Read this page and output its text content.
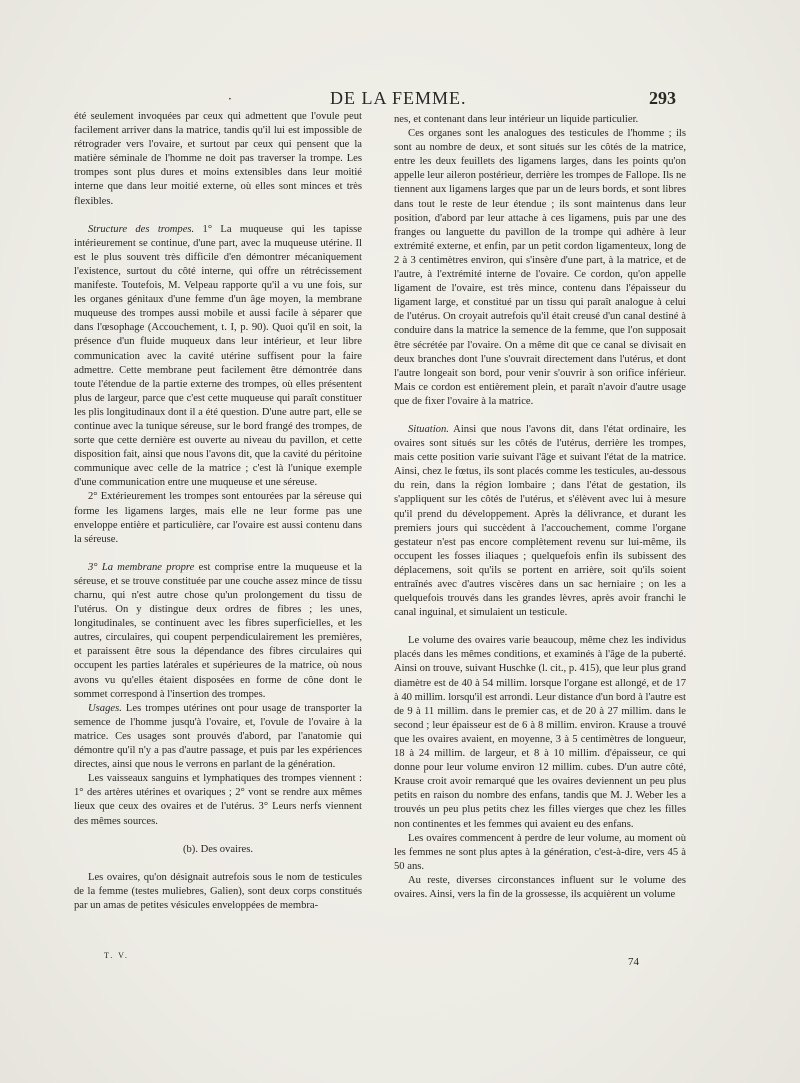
·	DE LA FEMME.	293

été seulement invoquées par ceux qui admettent que l'ovule peut facilement arriver dans la matrice, tandis qu'il lui est impossible de rétrograder vers l'ovaire, et surtout par ceux qui pensent que la matière séminale de l'homme ne doit pas traverser la trompe. Les trompes sont plus dures et moins extensibles dans leur moitié interne que dans leur moitié externe, où elles sont minces et très flexibles.

Structure des trompes. 1° La muqueuse qui les tapisse intérieurement se continue, d'une part, avec la muqueuse utérine. Il est le plus souvent très difficile d'en démontrer mécaniquement l'existence, surtout du côté interne, qui offre un rétrécissement manifeste. Toutefois, M. Velpeau rapporte qu'il a vu une fois, sur les organes génitaux d'une femme d'un âge moyen, la membrane muqueuse des trompes aussi mobile et aussi facile à séparer que dans l'œsophage (Accouchement, t. I, p. 90). Quoi qu'il en soit, la présence d'un fluide muqueux dans leur intérieur, et leur libre communication avec la cavité utérine suffisent pour la faire admettre. Cette membrane peut facilement être démontrée dans toute l'étendue de la partie externe des trompes, où elles présentent plus de largeur, parce que c'est cette muqueuse qui paraît constituer les plis longitudinaux dont il a été question. D'une autre part, elle se continue avec la tunique séreuse, sur le bord frangé des trompes, de sorte que cette dernière est ouverte au niveau du pavillon, et cette disposition fait, ainsi que nous l'avons dit, que la cavité du péritoine communique avec celle de la matrice ; c'est là l'unique exemple d'une communication entre une muqueuse et une séreuse.

2° Extérieurement les trompes sont entourées par la séreuse qui forme les ligamens larges, mais elle ne leur forme pas une enveloppe entière et particulière, car l'ovaire est aussi contenu dans la séreuse.

3° La membrane propre est comprise entre la muqueuse et la séreuse, et se trouve constituée par une couche assez mince de tissu charnu, qui n'est autre chose qu'un prolongement du tissu de l'utérus. On y distingue deux ordres de fibres ; les unes, longitudinales, se continuent avec les fibres superficielles, et les autres, circulaires, qui coupent perpendiculairement les premières, et paraissent être sous la dépendance des fibres circulaires qui occupent les parties latérales et supérieures de la matrice, où nous avons vu qu'elles étaient disposées en forme de cône dont le sommet correspond à l'insertion des trompes.

Usages. Les trompes utérines ont pour usage de transporter la semence de l'homme jusqu'à l'ovaire, et, l'ovule de l'ovaire à la matrice. Ces usages sont prouvés d'abord, par l'anatomie qui démontre qu'il n'y a pas d'autre passage, et puis par les expériences directes, ainsi que nous le verrons en parlant de la génération.

Les vaisseaux sanguins et lymphatiques des trompes viennent : 1° des artères utérines et ovariques ; 2° vont se rendre aux mêmes lieux que ceux des ovaires et de l'utérus. 3° Leurs nerfs viennent des mêmes sources.

(b). Des ovaires.

Les ovaires, qu'on désignait autrefois sous le nom de testicules de la femme (testes muliebres, Galien), sont deux corps constitués par un amas de petites vésicules enveloppées de membra-

nes, et contenant dans leur intérieur un liquide particulier.

Ces organes sont les analogues des testicules de l'homme ; ils sont au nombre de deux, et sont situés sur les côtés de la matrice, entre les deux feuillets des ligamens larges, dans les points qu'on appelle leur aileron postérieur, derrière les trompes de Fallope. Ils ne tiennent aux ligamens larges que par un de leurs bords, et sont libres dans tout le reste de leur étendue ; ils sont maintenus dans leur position, d'abord par leur attache à ces ligamens, puis par une des franges ou languette du pavillon de la trompe qui adhère à leur extrémité externe, et enfin, par un petit cordon ligamenteux, long de 2 à 3 centimètres environ, qui s'insère d'une part, à la matrice, et de l'autre, à l'extrémité interne de l'ovaire. Ce cordon, qu'on appelle ligament de l'ovaire, est très mince, contenu dans l'épaisseur du ligament large, et constitué par un tissu qui paraît analogue à celui de l'utérus. On croyait autrefois qu'il était creusé d'un canal destiné à conduire dans la matrice la semence de la femme, que l'on supposait être sécrétée par l'ovaire. On a même dit que ce canal se divisait en deux branches dont l'une s'ouvrait directement dans l'utérus, et dont l'autre longeait son bord, pour venir s'ouvrir à son orifice inférieur. Mais ce cordon est entièrement plein, et paraît n'avoir d'autre usage que de fixer l'ovaire à la matrice.

Situation. Ainsi que nous l'avons dit, dans l'état ordinaire, les ovaires sont situés sur les côtés de l'utérus, derrière les trompes, mais cette position varie suivant l'âge et suivant l'état de la matrice. Ainsi, chez le fœtus, ils sont placés comme les testicules, au-dessous du rein, dans la région lombaire ; dans l'état de gestation, ils s'appliquent sur les côtés de l'utérus, et s'élèvent avec lui à mesure qu'il prend du développement. Après la délivrance, et durant les premiers jours qui succèdent à l'accouchement, comme l'organe gestateur n'est pas encore complètement revenu sur lui-même, ils occupent les fosses iliaques ; quelquefois enfin ils subissent des déplacemens, soit qu'ils se portent en arrière, soit qu'ils soient entraînés avec d'autres viscères dans un sac herniaire ; on les a quelquefois trouvés dans les grandes lèvres, après avoir franchi le canal inguinal, et simulaient un testicule.

Le volume des ovaires varie beaucoup, même chez les individus placés dans les mêmes conditions, et examinés à l'âge de la puberté. Ainsi on trouve, suivant Huschke (l. cit., p. 415), que leur plus grand diamètre est de 40 à 54 millim. lorsque l'organe est allongé, et de 17 à 40 millim. lorsqu'il est arrondi. Leur distance d'un bord à l'autre est de 9 à 11 millim. dans le premier cas, et de 20 à 27 millim. dans le second ; leur épaisseur est de 6 à 8 millim. environ. Krause a trouvé que les ovaires avaient, en moyenne, 3 à 5 centimètres de longueur, 18 à 24 millim. de largeur, et 8 à 10 millim. d'épaisseur, ce qui donne pour leur volume environ 12 millim. cubes. D'un autre côté, Krause croit avoir remarqué que les ovaires deviennent un peu plus petits en raison du nombre des enfans, tandis que M. J. Weber les a trouvés un peu plus petits chez les filles vierges que chez les filles non continentes et les femmes qui avaient eu des enfans.

Les ovaires commencent à perdre de leur volume, au moment où les femmes ne sont plus aptes à la génération, c'est-à-dire, vers 45 à 50 ans.

Au reste, diverses circonstances influent sur le volume des ovaires. Ainsi, vers la fin de la grossesse, ils acquièrent un volume

T. V.
74
